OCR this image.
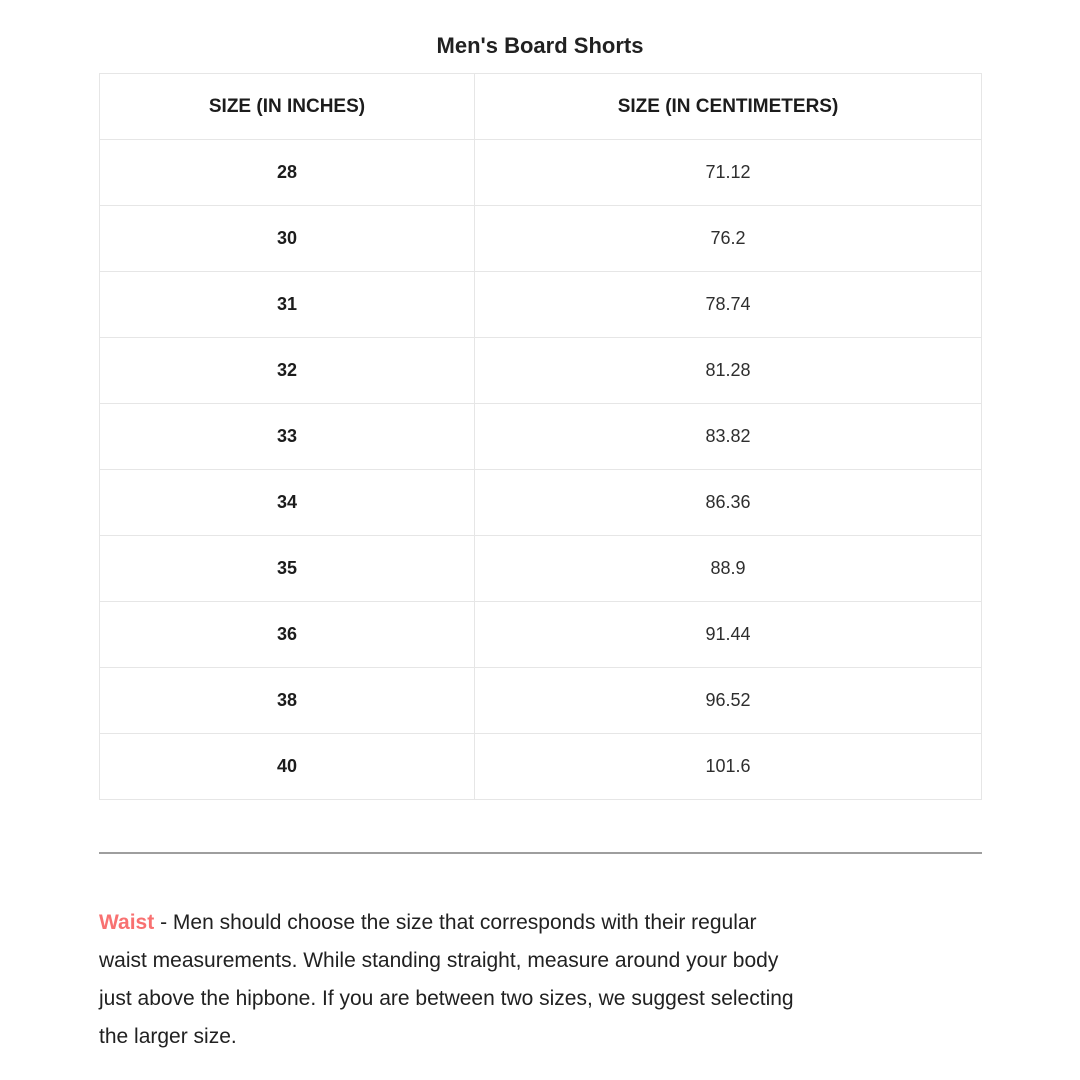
Men's Board Shorts
SIZE (IN INCHES)	SIZE (IN CENTIMETERS)
28	71.12
30	76.2
31	78.74
32	81.28
33	83.82
34	86.36
35	88.9
36	91.44
38	96.52
40	101.6

Waist - Men should choose the size that corresponds with their regular
waist measurements. While standing straight, measure around your body
just above the hipbone. If you are between two sizes, we suggest selecting
the larger size.
